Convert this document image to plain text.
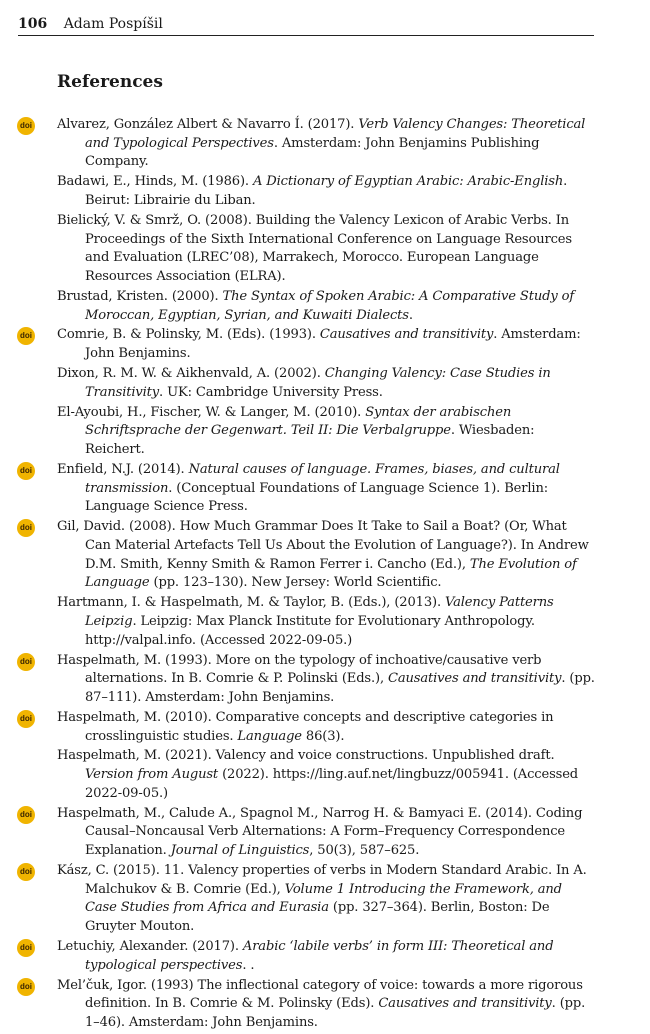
106 Adam Pospíšil
References
doi Alvarez, González Albert & Navarro Í. (2017). Verb Valency Changes: Theoretical and Typological Perspectives. Amsterdam: John Benjamins Publishing Company.
Badawi, E., Hinds, M. (1986). A Dictionary of Egyptian Arabic: Arabic-English. Beirut: Librairie du Liban.
Bielický, V. & Smrž, O. (2008). Building the Valency Lexicon of Arabic Verbs. In Proceedings of the Sixth International Conference on Language Resources and Evaluation (LREC’08), Marrakech, Morocco. European Language Resources Association (ELRA).
Brustad, Kristen. (2000). The Syntax of Spoken Arabic: A Comparative Study of Moroccan, Egyptian, Syrian, and Kuwaiti Dialects.
doi Comrie, B. & Polinsky, M. (Eds). (1993). Causatives and transitivity. Amsterdam: John Benjamins.
Dixon, R. M. W. & Aikhenvald, A. (2002). Changing Valency: Case Studies in Transitivity. UK: Cambridge University Press.
El-Ayoubi, H., Fischer, W. & Langer, M. (2010). Syntax der arabischen Schriftsprache der Gegenwart. Teil II: Die Verbalgruppe. Wiesbaden: Reichert.
doi Enfield, N.J. (2014). Natural causes of language. Frames, biases, and cultural transmission. (Conceptual Foundations of Language Science 1). Berlin: Language Science Press.
doi Gil, David. (2008). How Much Grammar Does It Take to Sail a Boat? (Or, What Can Material Artefacts Tell Us About the Evolution of Language?). In Andrew D.M. Smith, Kenny Smith & Ramon Ferrer i. Cancho (Ed.), The Evolution of Language (pp. 123–130). New Jersey: World Scientific.
Hartmann, I. & Haspelmath, M. & Taylor, B. (Eds.), (2013). Valency Patterns Leipzig. Leipzig: Max Planck Institute for Evolutionary Anthropology. http://valpal.info. (Accessed 2022-09-05.)
doi Haspelmath, M. (1993). More on the typology of inchoative/causative verb alternations. In B. Comrie & P. Polinski (Eds.), Causatives and transitivity. (pp. 87–111). Amsterdam: John Benjamins.
doi Haspelmath, M. (2010). Comparative concepts and descriptive categories in crosslinguistic studies. Language 86(3).
Haspelmath, M. (2021). Valency and voice constructions. Unpublished draft. Version from August (2022). https://ling.auf.net/lingbuzz/005941. (Accessed 2022-09-05.)
doi Haspelmath, M., Calude A., Spagnol M., Narrog H. & Bamyaci E. (2014). Coding Causal–Noncausal Verb Alternations: A Form–Frequency Correspondence Explanation. Journal of Linguistics, 50(3), 587–625.
doi Kász, C. (2015). 11. Valency properties of verbs in Modern Standard Arabic. In A. Malchukov & B. Comrie (Ed.), Volume 1 Introducing the Framework, and Case Studies from Africa and Eurasia (pp. 327–364). Berlin, Boston: De Gruyter Mouton.
doi Letuchiy, Alexander. (2017). Arabic ‘labile verbs’ in form III: Theoretical and typological perspectives. .
doi Mel’čuk, Igor. (1993) The inflectional category of voice: towards a more rigorous definition. In B. Comrie & M. Polinsky (Eds). Causatives and transitivity. (pp. 1–46). Amsterdam: John Benjamins.
